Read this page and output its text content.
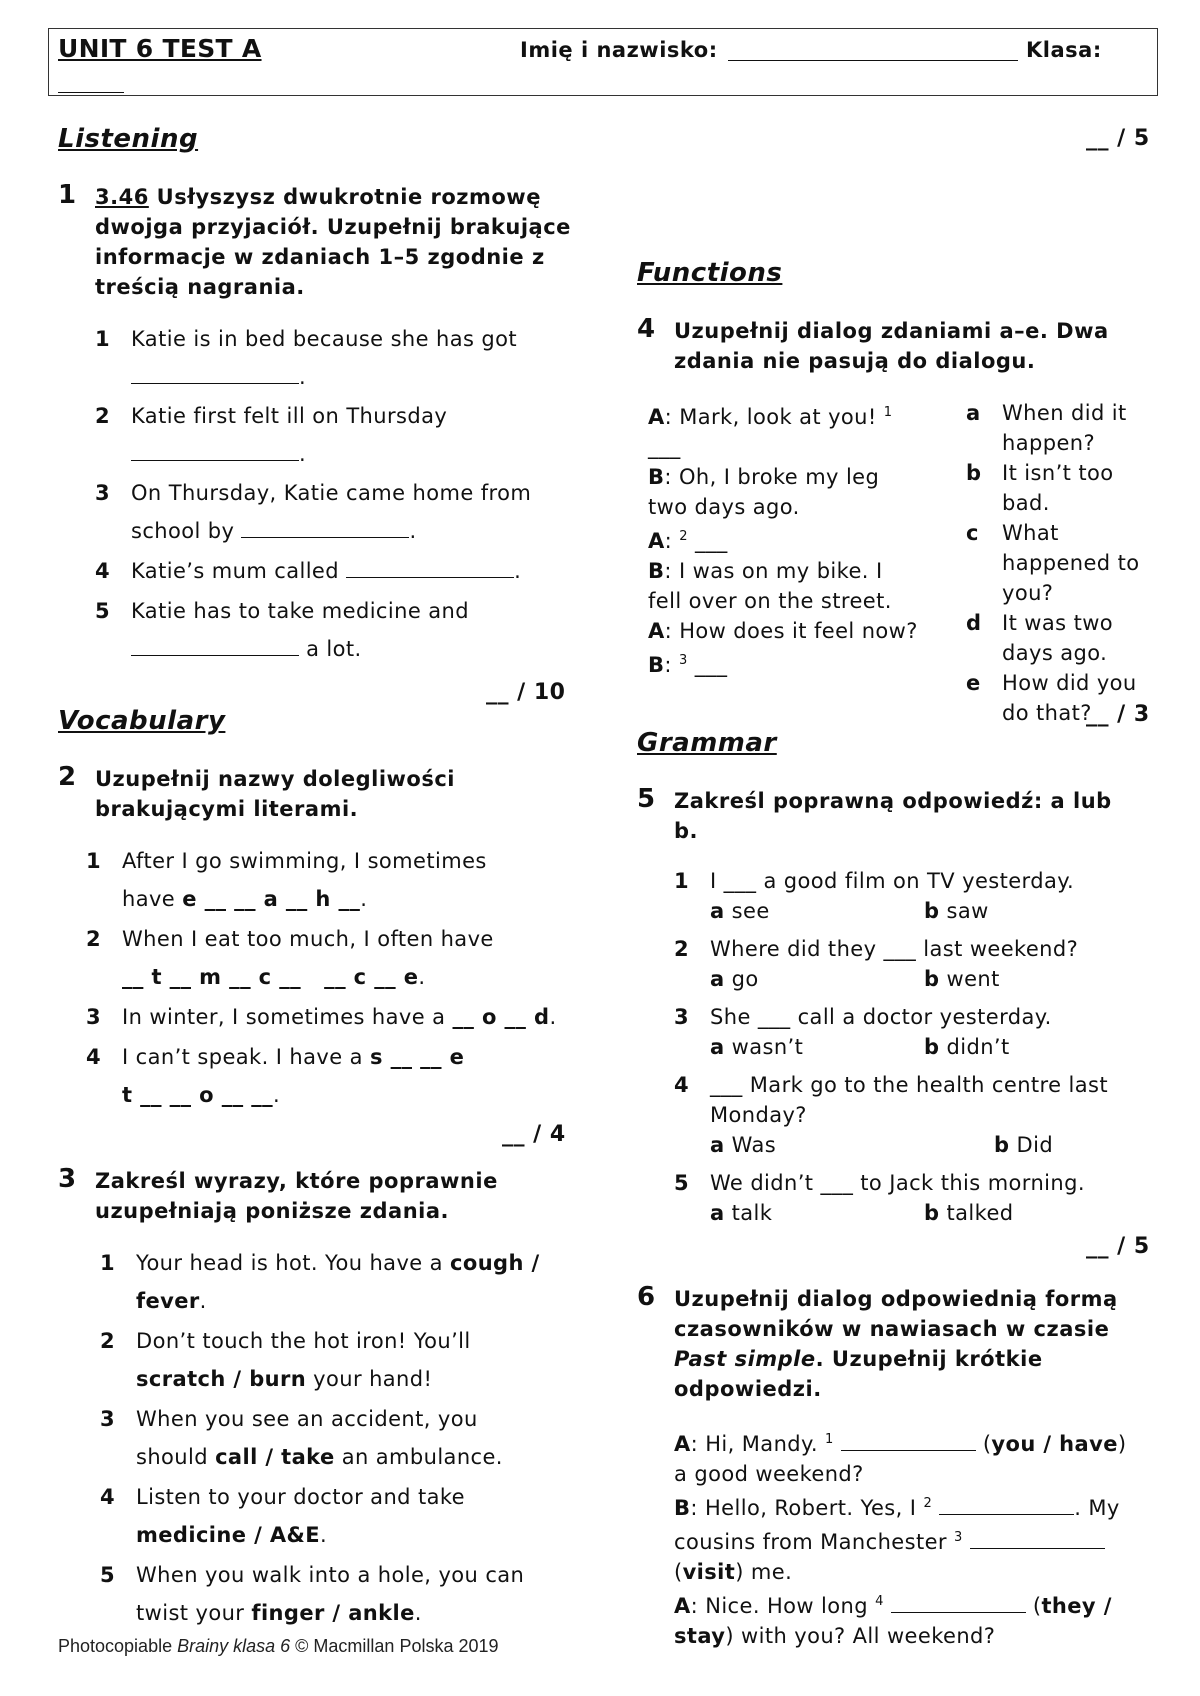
UNIT 6 TEST A	Imię i nazwisko:	Klasa:
Listening	__ / 5
1 3.46 Usłyszysz dwukrotnie rozmowę dwojga przyjaciół. Uzupełnij brakujące informacje w zdaniach 1–5 zgodnie z treścią nagrania.
1 Katie is in bed because she has got
.
2 Katie first felt ill on Thursday
.
3 On Thursday, Katie came home from school by	.
4 Katie’s mum called	.
5 Katie has to take medicine and
a lot.
__ / 10
Vocabulary
2 Uzupełnij nazwy dolegliwości brakującymi literami.
1 After I go swimming, I sometimes
have e __ __ a __ h __.
2 When I eat too much, I often have
__ t __ m __ c __   __ c __ e.
3 In winter, I sometimes have a __ o __ d.
4 I can’t speak. I have a s __ __ e
t __ __ o __ __.
__ / 4
3 Zakreśl wyrazy, które poprawnie uzupełniają poniższe zdania.
1 Your head is hot. You have a cough / fever.
2 Don’t touch the hot iron! You’ll scratch / burn your hand!
3 When you see an accident, you should call / take an ambulance.
4 Listen to your doctor and take
medicine / A&E.
5 When you walk into a hole, you can twist your finger / ankle.
Photocopiable Brainy klasa 6 © Macmillan Polska 2019
Functions
4 Uzupełnij dialog zdaniami a–e. Dwa zdania nie pasują do dialogu.
A: Mark, look at you! $^1$
___
B: Oh, I broke my leg two days ago.
A: $^2$ ___
B: I was on my bike. I fell over on the street.
A: How does it feel now?
B: $^3$ ___
a	When did it happen?
b It isn’t too bad.
c	What happened to you?
d It was two days ago.
e	How did you do that?
__ / 3
Grammar
5 Zakreśl poprawną odpowiedź: a lub b.
1 I ___ a good film on TV yesterday.
a see	b saw
2 Where did they ___ last weekend?
a go	b went
3 She ___ call a doctor yesterday.
a wasn’t	b didn’t
4 ___ Mark go to the health centre last Monday?
a Was	b Did
5 We didn’t ___ to Jack this morning.
a talk	b talked
__ / 5
6 Uzupełnij dialog odpowiednią formą czasowników w nawiasach w czasie Past simple. Uzupełnij krótkie odpowiedzi.
A: Hi, Mandy. $^1$	(you / have) a good weekend?
B: Hello, Robert. Yes, I $^2$	. My cousins from Manchester $^3$  (visit) me.
A: Nice. How long $^4$	(they / stay) with you? All weekend?
